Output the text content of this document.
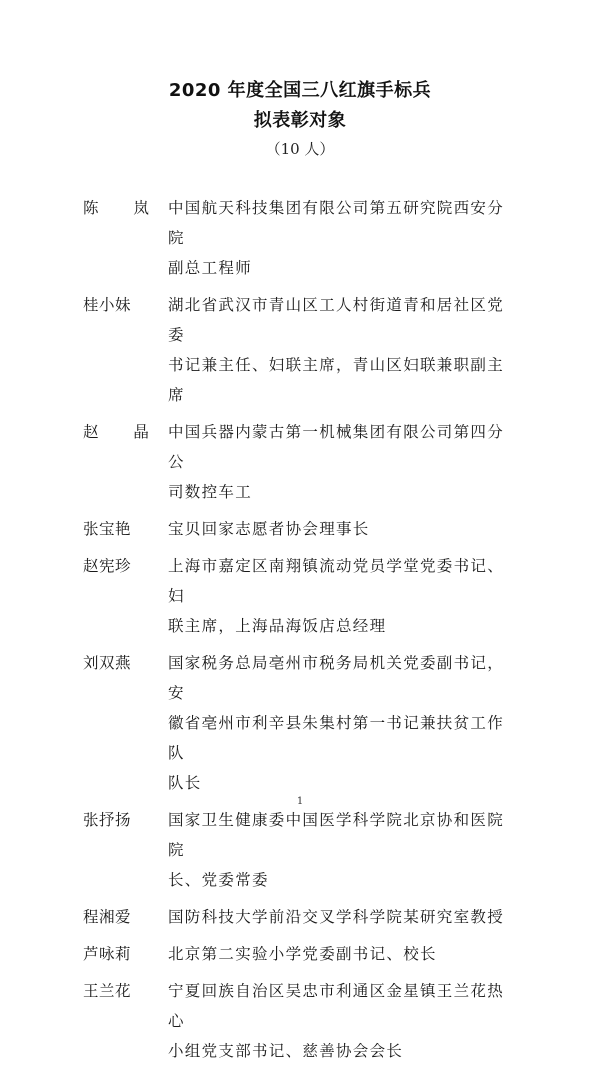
2020 年度全国三八红旗手标兵
拟表彰对象
（10 人）
陈 岚 中国航天科技集团有限公司第五研究院西安分院
副总工程师
桂小妹	湖北省武汉市青山区工人村街道青和居社区党委
书记兼主任、妇联主席，青山区妇联兼职副主席
赵 晶 中国兵器内蒙古第一机械集团有限公司第四分公
司数控车工
张宝艳	宝贝回家志愿者协会理事长
赵宪珍	上海市嘉定区南翔镇流动党员学堂党委书记、妇
联主席，上海品海饭店总经理
刘双燕	国家税务总局亳州市税务局机关党委副书记，安
徽省亳州市利辛县朱集村第一书记兼扶贫工作队
队长
张抒扬	国家卫生健康委中国医学科学院北京协和医院院
长、党委常委
程湘爱	国防科技大学前沿交叉学科学院某研究室教授
芦咏莉	北京第二实验小学党委副书记、校长
王兰花	宁夏回族自治区吴忠市利通区金星镇王兰花热心
小组党支部书记、慈善协会会长
1
